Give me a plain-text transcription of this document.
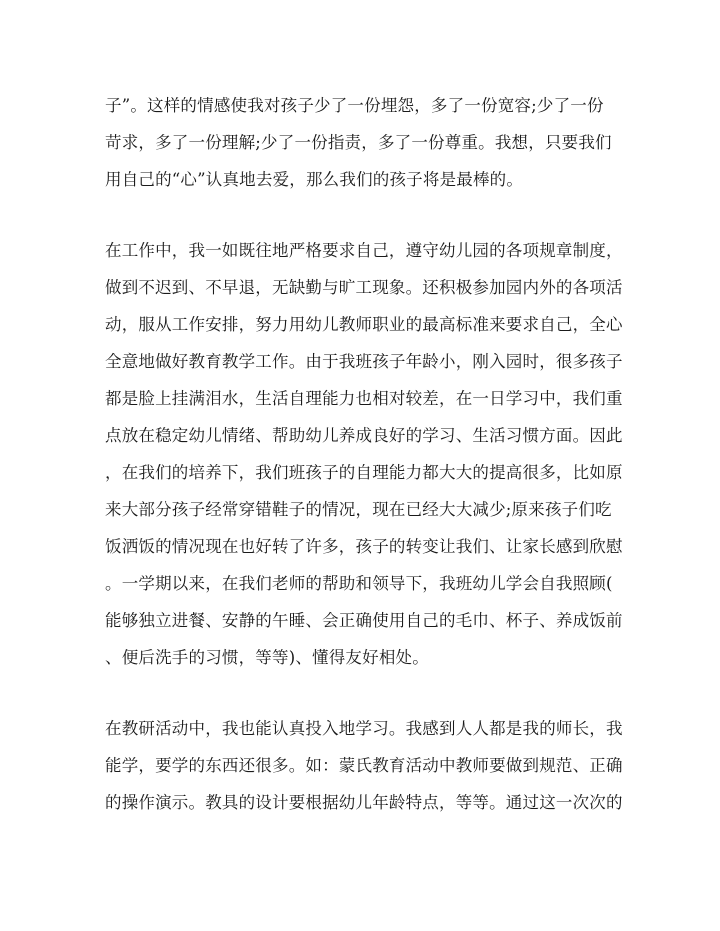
子”。这样的情感使我对孩子少了一份埋怨，多了一份宽容;少了一份
苛求，多了一份理解;少了一份指责，多了一份尊重。我想，只要我们
用自己的“心”认真地去爱，那么我们的孩子将是最棒的。
在工作中，我一如既往地严格要求自己，遵守幼儿园的各项规章制度，
做到不迟到、不早退，无缺勤与旷工现象。还积极参加园内外的各项活
动，服从工作安排，努力用幼儿教师职业的最高标准来要求自己，全心
全意地做好教育教学工作。由于我班孩子年龄小，刚入园时，很多孩子
都是脸上挂满泪水，生活自理能力也相对较差，在一日学习中，我们重
点放在稳定幼儿情绪、帮助幼儿养成良好的学习、生活习惯方面。因此
，在我们的培养下，我们班孩子的自理能力都大大的提高很多，比如原
来大部分孩子经常穿错鞋子的情况，现在已经大大减少;原来孩子们吃
饭洒饭的情况现在也好转了许多，孩子的转变让我们、让家长感到欣慰
。一学期以来，在我们老师的帮助和领导下，我班幼儿学会自我照顾(
能够独立进餐、安静的午睡、会正确使用自己的毛巾、杯子、养成饭前
、便后洗手的习惯，等等)、懂得友好相处。
在教研活动中，我也能认真投入地学习。我感到人人都是我的师长，我
能学，要学的东西还很多。如：蒙氏教育活动中教师要做到规范、正确
的操作演示。教具的设计要根据幼儿年龄特点，等等。通过这一次次的
